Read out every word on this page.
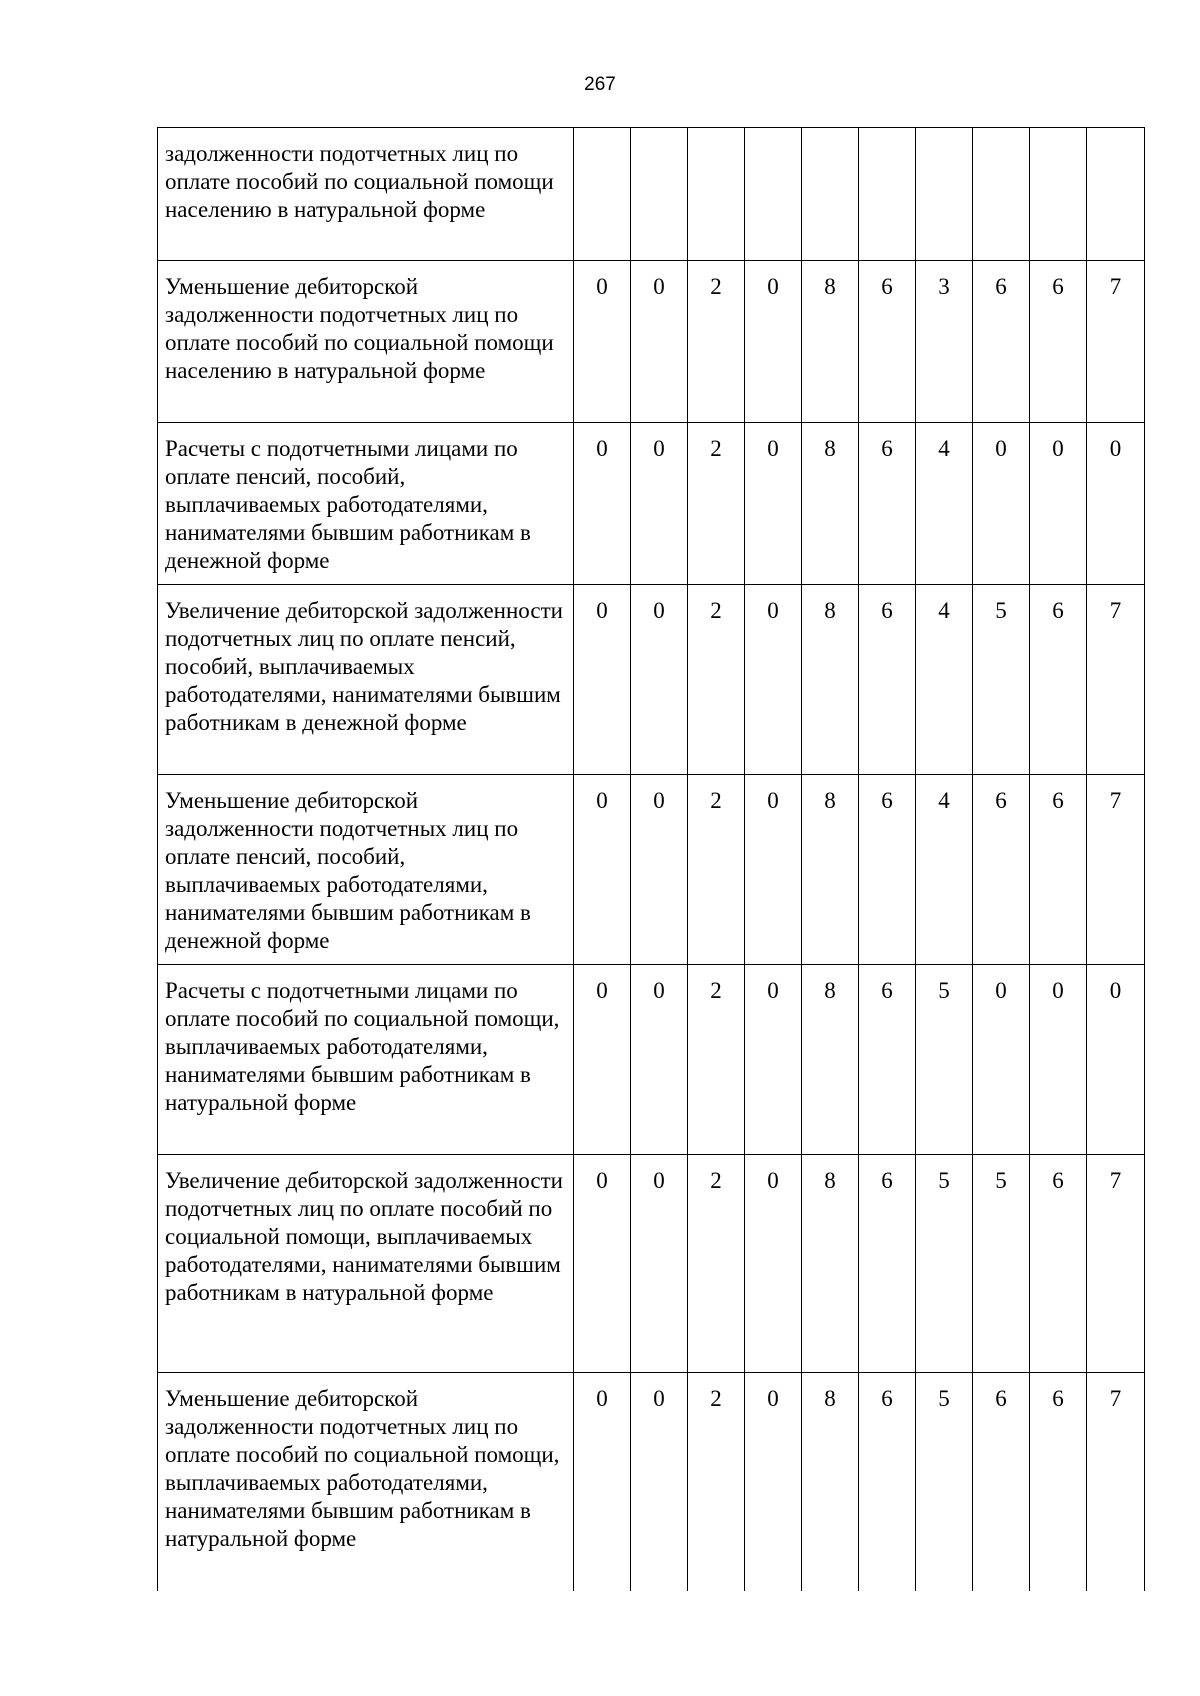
267
задолженности подотчетных лиц по оплате пособий по социальной помощи населению в натуральной форме										
Уменьшение дебиторской задолженности подотчетных лиц по оплате пособий по социальной помощи населению в натуральной форме	0	0	2	0	8	6	3	6	6	7
Расчеты с подотчетными лицами по оплате пенсий, пособий, выплачиваемых работодателями, нанимателями бывшим работникам в денежной форме	0	0	2	0	8	6	4	0	0	0
Увеличение дебиторской задолженности подотчетных лиц по оплате пенсий, пособий, выплачиваемых работодателями, нанимателями бывшим работникам в денежной форме	0	0	2	0	8	6	4	5	6	7
Уменьшение дебиторской задолженности подотчетных лиц по оплате пенсий, пособий, выплачиваемых работодателями, нанимателями бывшим работникам в денежной форме	0	0	2	0	8	6	4	6	6	7
Расчеты с подотчетными лицами по оплате пособий по социальной помощи, выплачиваемых работодателями, нанимателями бывшим работникам в натуральной форме	0	0	2	0	8	6	5	0	0	0
Увеличение дебиторской задолженности подотчетных лиц по оплате пособий по социальной помощи, выплачиваемых работодателями, нанимателями бывшим работникам в натуральной форме	0	0	2	0	8	6	5	5	6	7
Уменьшение дебиторской задолженности подотчетных лиц по оплате пособий по социальной помощи, выплачиваемых работодателями, нанимателями бывшим работникам в натуральной форме	0	0	2	0	8	6	5	6	6	7
